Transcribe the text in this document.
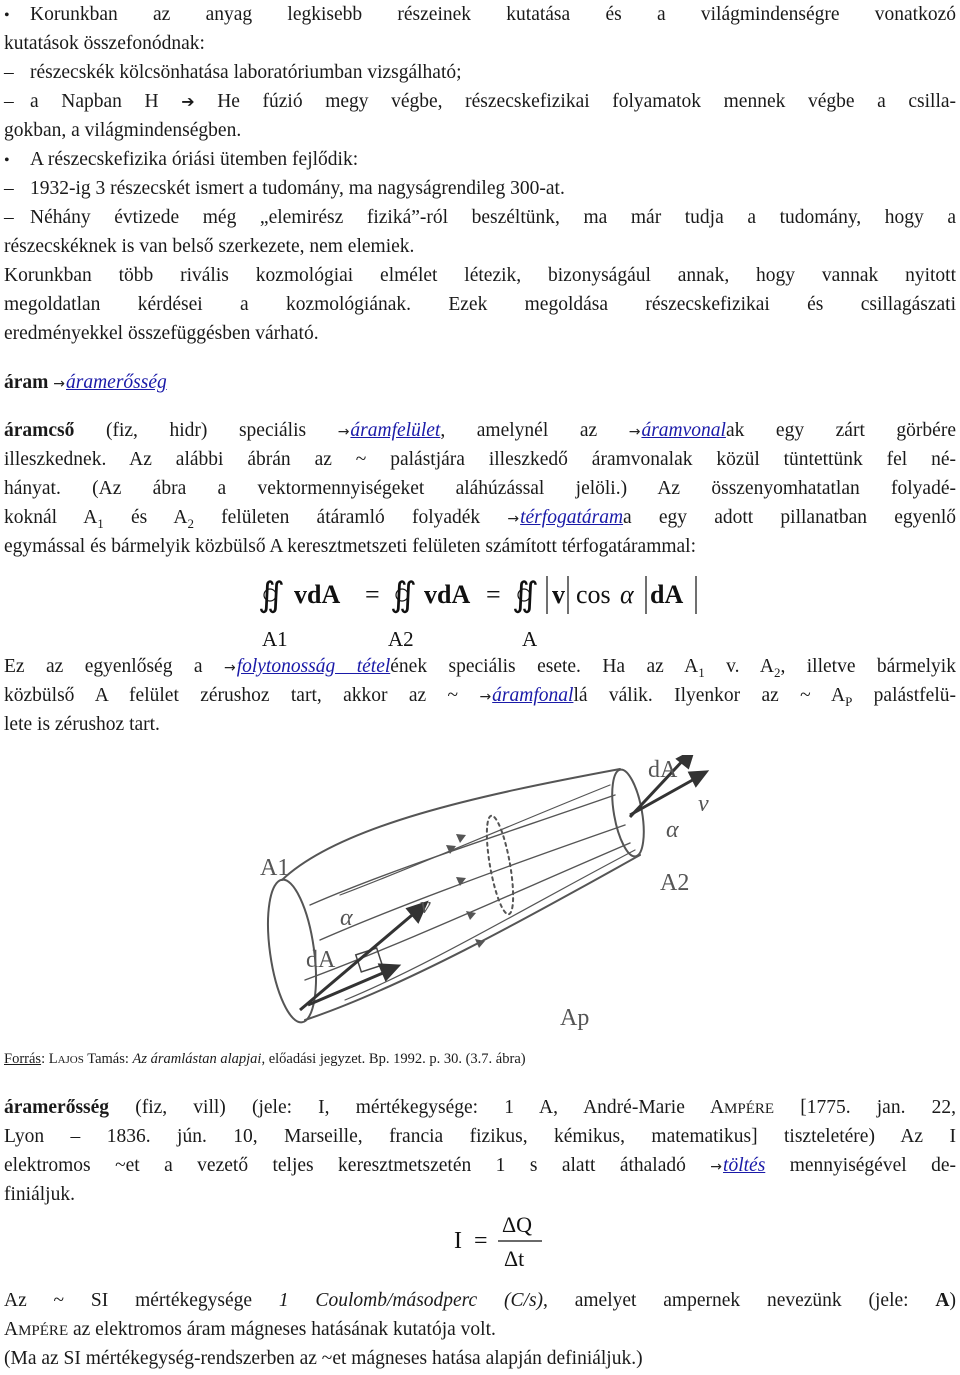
• Korunkban az anyag legkisebb részeinek kutatása és a világmindenségre vonatkozó
kutatások összefonódnak:
– részecskék kölcsönhatása laboratóriumban vizsgálható;
– a Napban H ➔ He fúzió megy végbe, részecskefizikai folyamatok mennek végbe a csilla-
gokban, a világmindenségben.
• A részecskefizika óriási ütemben fejlődik:
– 1932-ig 3 részecskét ismert a tudomány, ma nagyságrendileg 300-at.
– Néhány évtizede még „elemirész fiziká”-ról beszéltünk, ma már tudja a tudomány, hogy a
részecskéknek is van belső szerkezete, nem elemiek.
Korunkban több rivális kozmológiai elmélet létezik, bizonyságául annak, hogy vannak nyitott
megoldatlan kérdései a kozmológiának. Ezek megoldása részecskefizikai és csillagászati
eredményekkel összefüggésben várható.
áram →áramerősség
áramcső (fiz, hidr) speciális →áramfelület, amelynél az →áramvonalak egy zárt görbére
illeszkednek. Az alábbi ábrán az ~ palástjára illeszkedő áramvonalak közül tüntettünk fel né-
hányat. (Az ábra a vektormennyiségeket aláhúzással jelöli.) Az összenyomhatatlan folyadé-
koknál $A_1$ és $A_2$ felületen átáramló folyadék →térfogatárama egy adott pillanatban egyenlő
egymással és bármelyik közbülső A keresztmetszeti felületen számított térfogatárammal:
∬ vdA = ∬ vdA = ∬ v cos α dA
A1	A2	A
Ez az egyenlőség a →folytonosság tételének speciális esete. Ha az $A_1$ v. $A_2$, illetve bármelyik
közbülső A felület zérushoz tart, akkor az ~ →áramfonallá válik. Ilyenkor az ~ $A_P$ palástfelü-
lete is zérushoz tart.
A1
dA
A2
v
α
α	v
dA
Ap
Forrás: LAJOS Tamás: Az áramlástan alapjai, előadási jegyzet. Bp. 1992. p. 30. (3.7. ábra)
áramerősség (fiz, vill) (jele: I, mértékegysége: 1 A, André-Marie AMPÉRE [1775. jan. 22,
Lyon – 1836. jún. 10, Marseille, francia fizikus, kémikus, matematikus] tiszteletére) Az I
elektromos ~et a vezető teljes keresztmetszetén 1 s alatt áthaladó →töltés mennyiségével de-
finiáljuk.
I =
ΔQ
Δt
Az ~ SI mértékegysége 1 Coulomb/másodperc (C/s), amelyet ampernek nevezünk (jele: A)
AMPÉRE az elektromos áram mágneses hatásának kutatója volt.
(Ma az SI mértékegység-rendszerben az ~et mágneses hatása alapján definiáljuk.)
